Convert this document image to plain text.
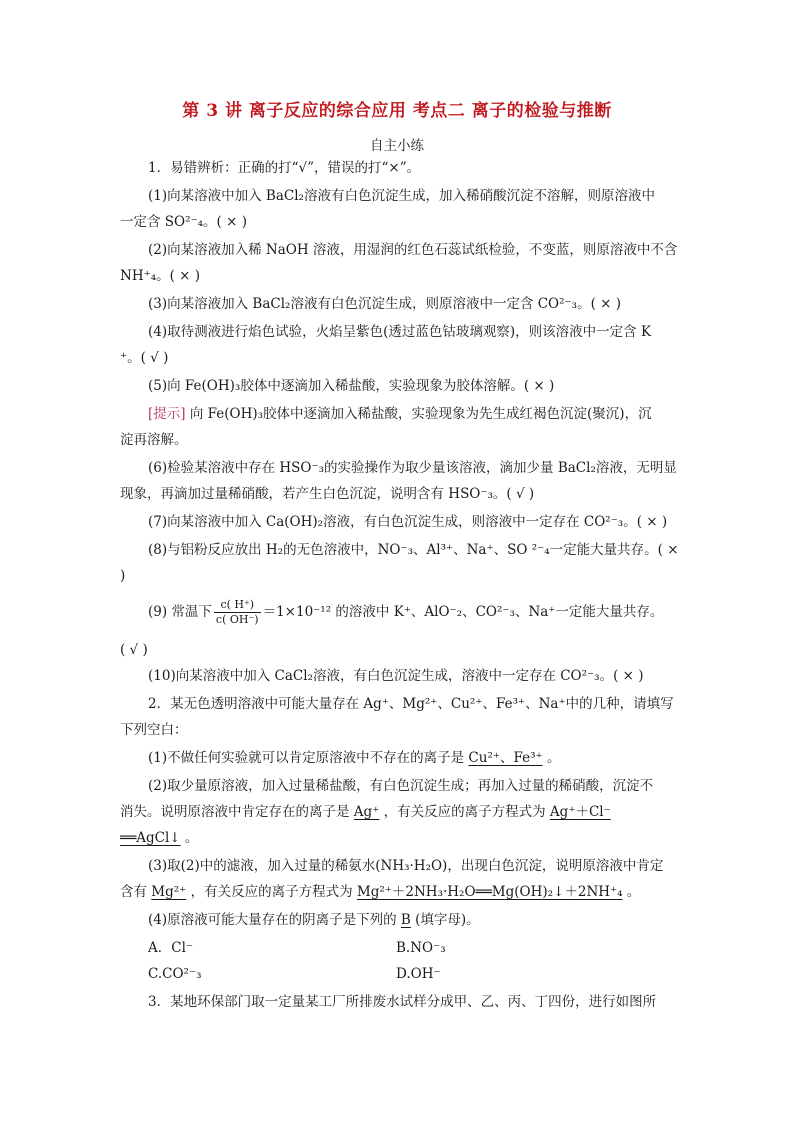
第 3 讲 离子反应的综合应用 考点二 离子的检验与推断
自主小练
1．易错辨析：正确的打“√”，错误的打“×”。
(1)向某溶液中加入 BaCl₂溶液有白色沉淀生成，加入稀硝酸沉淀不溶解，则原溶液中
一定含 SO²⁻₄。( × )
(2)向某溶液加入稀 NaOH 溶液，用湿润的红色石蕊试纸检验，不变蓝，则原溶液中不含
NH⁺₄。( × )
(3)向某溶液加入 BaCl₂溶液有白色沉淀生成，则原溶液中一定含 CO²⁻₃。( × )
(4)取待测液进行焰色试验，火焰呈紫色(透过蓝色钴玻璃观察)，则该溶液中一定含 K
⁺。( √ )
(5)向 Fe(OH)₃胶体中逐滴加入稀盐酸，实验现象为胶体溶解。( × )
[提示] 向 Fe(OH)₃胶体中逐滴加入稀盐酸，实验现象为先生成红褐色沉淀(聚沉)，沉
淀再溶解。
(6)检验某溶液中存在 HSO⁻₃的实验操作为取少量该溶液，滴加少量 BaCl₂溶液，无明显
现象，再滴加过量稀硝酸，若产生白色沉淀，说明含有 HSO⁻₃。( √ )
(7)向某溶液中加入 Ca(OH)₂溶液，有白色沉淀生成，则溶液中一定存在 CO²⁻₃。( × )
(8)与铝粉反应放出 H₂的无色溶液中，NO⁻₃、Al³⁺、Na⁺、SO ²⁻₄一定能大量共存。( ×
)
(9) 常温下 $\frac{c( H^+)}{c( OH^-)} =1\times 10^{-12}$ 的溶液中 K⁺、AlO⁻₂、CO²⁻₃、Na⁺一定能大量共存。
( √ )
(10)向某溶液中加入 CaCl₂溶液，有白色沉淀生成，溶液中一定存在 CO²⁻₃。( × )
2．某无色透明溶液中可能大量存在 Ag⁺、Mg²⁺、Cu²⁺、Fe³⁺、Na⁺中的几种，请填写
下列空白：
(1)不做任何实验就可以肯定原溶液中不存在的离子是 Cu²⁺、Fe³⁺ 。
(2)取少量原溶液，加入过量稀盐酸，有白色沉淀生成；再加入过量的稀硝酸，沉淀不
消失。说明原溶液中肯定存在的离子是 Ag⁺ ，有关反应的离子方程式为 Ag⁺＋Cl⁻
══AgCl↓ 。
(3)取(2)中的滤液，加入过量的稀氨水(NH₃·H₂O)，出现白色沉淀，说明原溶液中肯定
含有 Mg²⁺ ，有关反应的离子方程式为 Mg²⁺＋2NH₃·H₂O══Mg(OH)₂↓＋2NH⁺₄ 。
(4)原溶液可能大量存在的阴离子是下列的 B (填字母)。
A．Cl⁻	B.NO⁻₃
C.CO²⁻₃	D.OH⁻
3．某地环保部门取一定量某工厂所排废水试样分成甲、乙、丙、丁四份，进行如图所
